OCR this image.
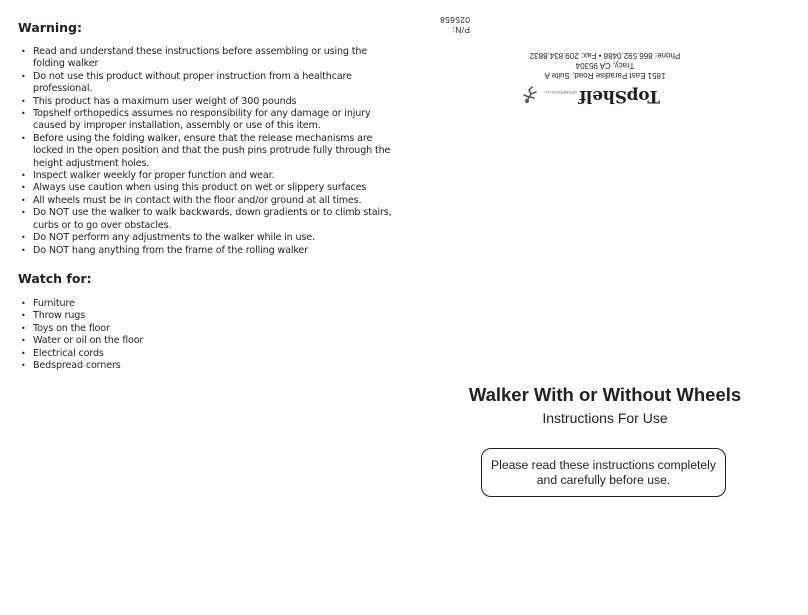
Warning:
• Read and understand these instructions before assembling or using the folding walker
• Do not use this product without proper instruction from a healthcare professional.
• This product has a maximum user weight of 300 pounds
• Topshelf orthopedics assumes no responsibility for any damage or injury caused by improper installation, assembly or use of this item.
• Before using the folding walker, ensure that the release mechanisms are locked in the open position and that the push pins protrude fully through the height adjustment holes.
• Inspect walker weekly for proper function and wear.
• Always use caution when using this product on wet or slippery surfaces
• All wheels must be in contact with the floor and/or ground at all times.
• Do NOT use the walker to walk backwards, down gradients or to climb stairs, curbs or to go over obstacles.
• Do NOT perform any adjustments to the walker while in use.
• Do NOT hang anything from the frame of the rolling walker
Watch for:
• Furniture
• Throw rugs
• Toys on the floor
• Water or oil on the floor
• Electrical cords
• Bedspread corners
P/N: 025658
TopShelf
ORTHOPEDICS LLC
1851 East Paradise Road, Suite A
Tracy, CA 95304
Phone: 866.592.0488 • Fax: 209.834.8832
Walker With or Without Wheels

Instructions For Use

Please read these instructions completely and carefully before use.
